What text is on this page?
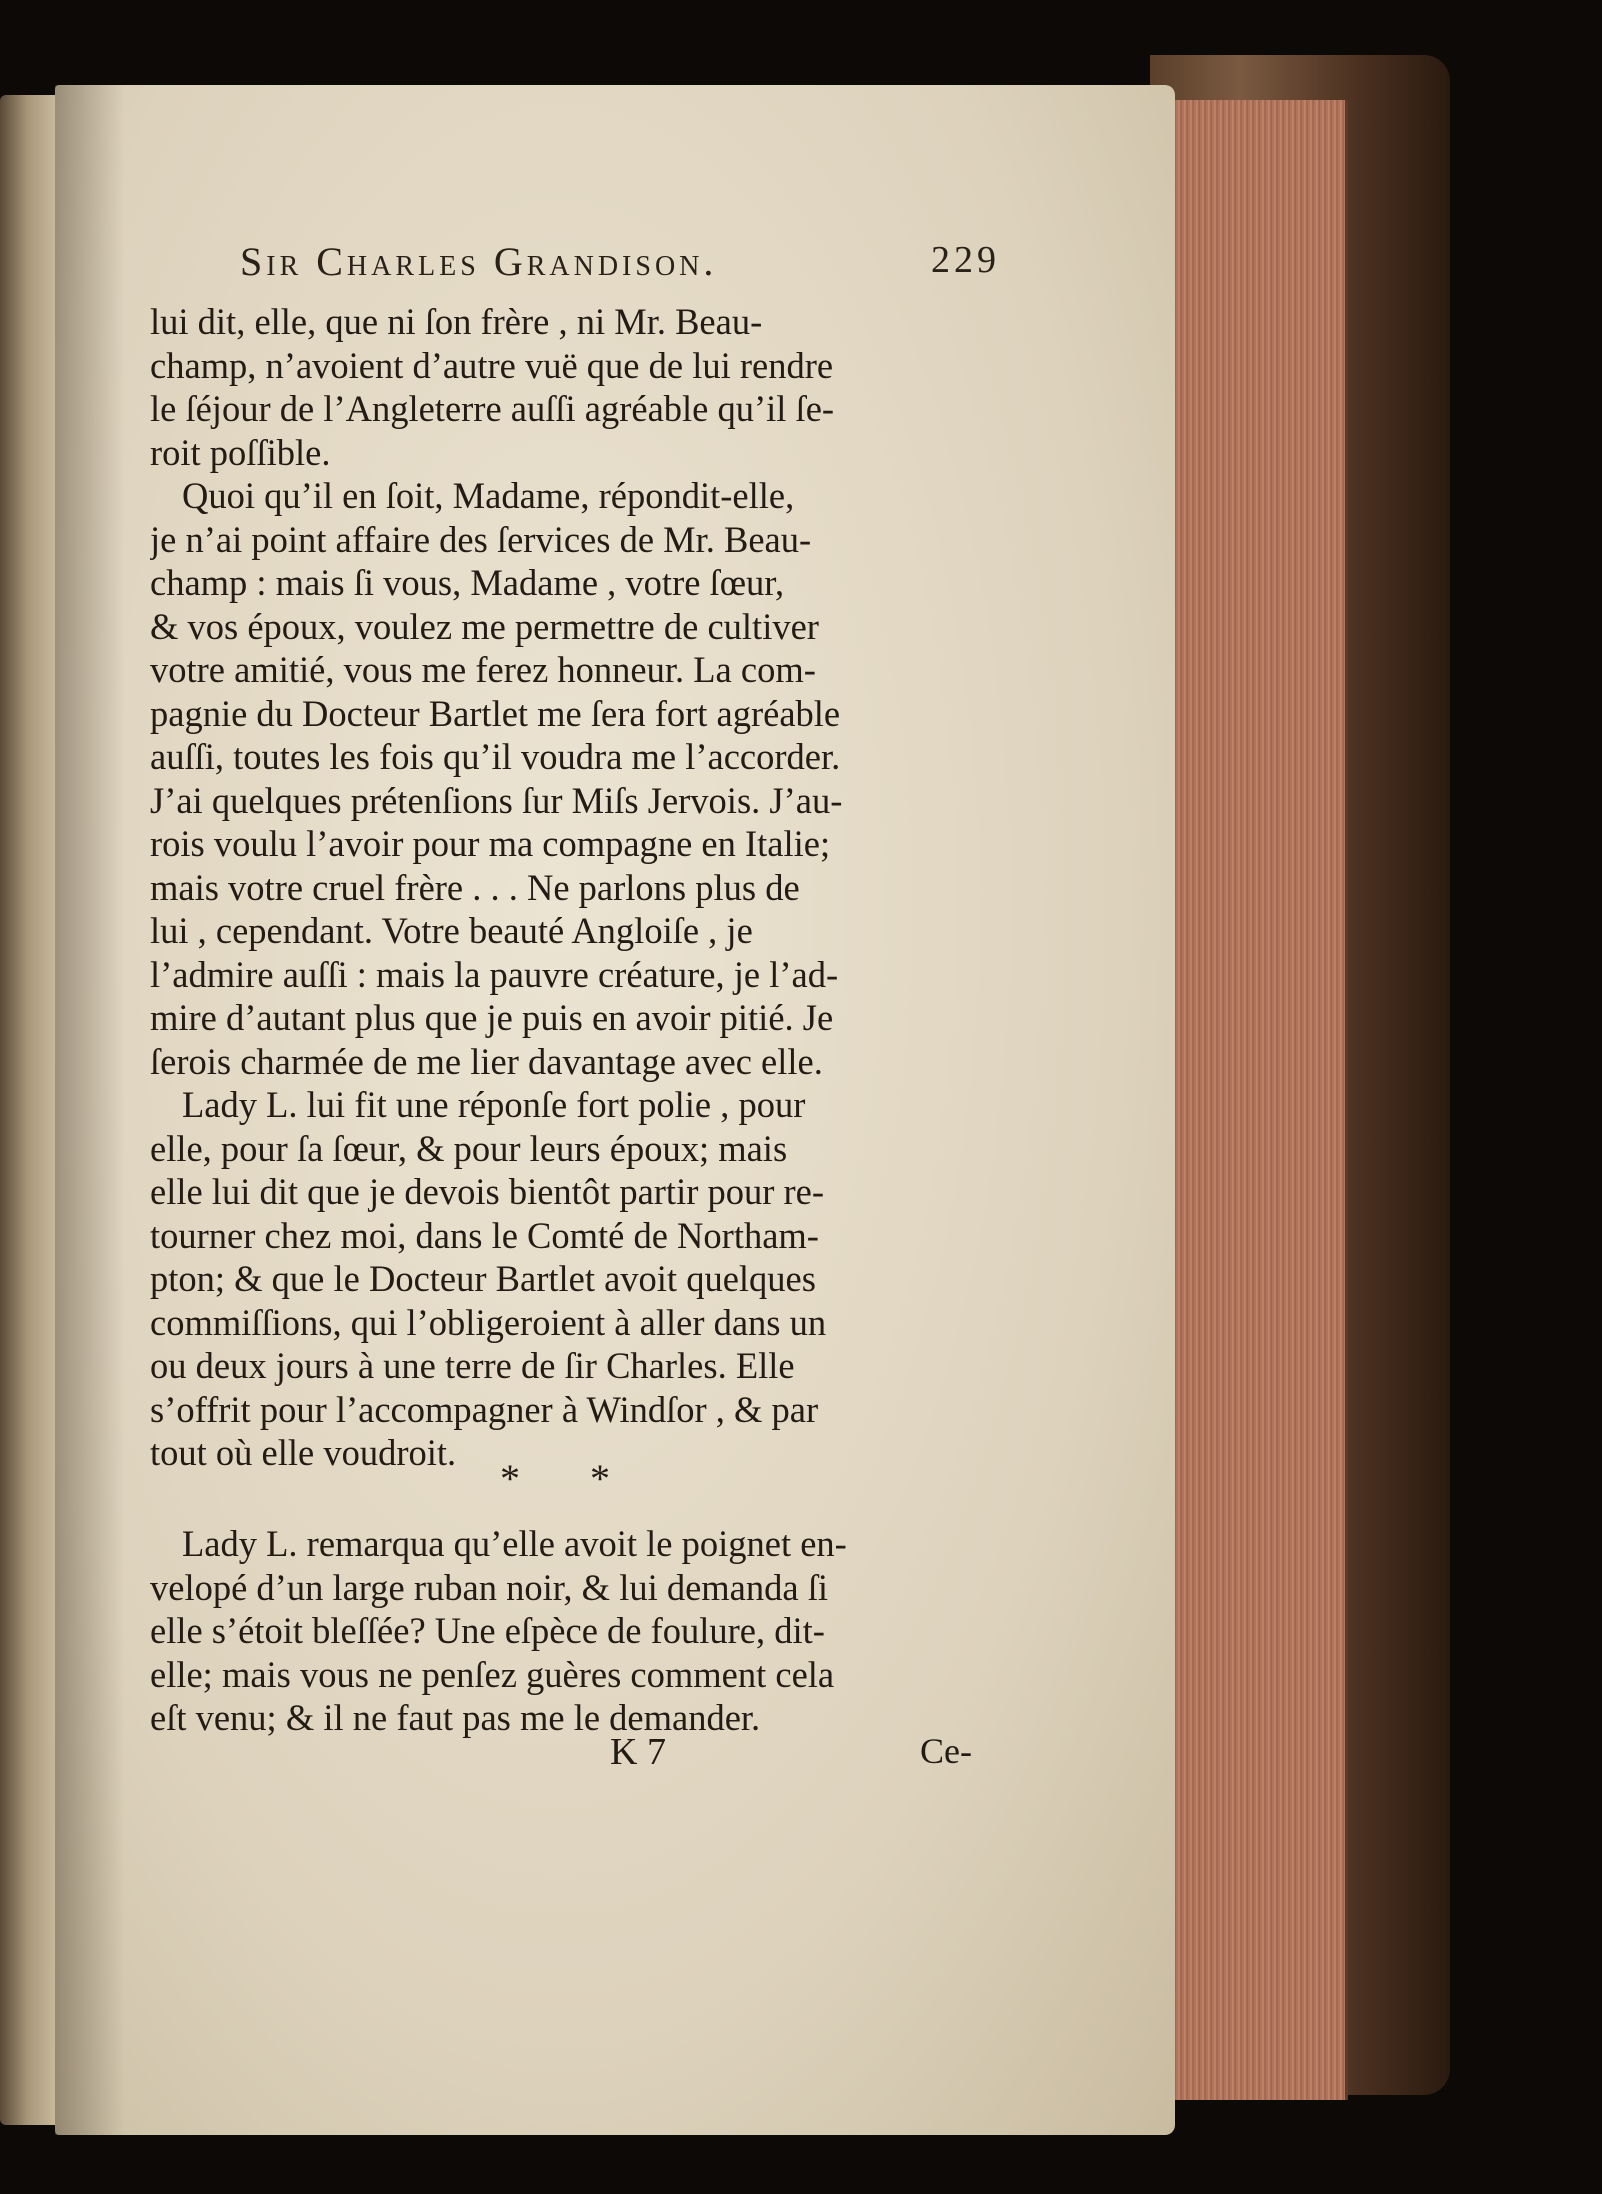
Sir Charles Grandison.	229
lui dit, elle, que ni ſon frère , ni Mr. Beau-
champ, n’avoient d’autre vuë que de lui rendre
le ſéjour de l’Angleterre auſſi agréable qu’il ſe-
roit poſſible.
Quoi qu’il en ſoit, Madame, répondit-elle,
je n’ai point affaire des ſervices de Mr. Beau-
champ : mais ſi vous, Madame , votre ſœur,
& vos époux, voulez me permettre de cultiver
votre amitié, vous me ferez honneur. La com-
pagnie du Docteur Bartlet me ſera fort agréable
auſſi, toutes les fois qu’il voudra me l’accorder.
J’ai quelques prétenſions ſur Miſs Jervois. J’au-
rois voulu l’avoir pour ma compagne en Italie;
mais votre cruel frère . . . Ne parlons plus de
lui , cependant. Votre beauté Angloiſe , je
l’admire auſſi : mais la pauvre créature, je l’ad-
mire d’autant plus que je puis en avoir pitié. Je
ſerois charmée de me lier davantage avec elle.
Lady L. lui fit une réponſe fort polie , pour
elle, pour ſa ſœur, & pour leurs époux; mais
elle lui dit que je devois bientôt partir pour re-
tourner chez moi, dans le Comté de Northam-
pton; & que le Docteur Bartlet avoit quelques
commiſſions, qui l’obligeroient à aller dans un
ou deux jours à une terre de ſir Charles. Elle
s’offrit pour l’accompagner à Windſor , & par
tout où elle voudroit.
* *
Lady L. remarqua qu’elle avoit le poignet en-
velopé d’un large ruban noir, & lui demanda ſi
elle s’étoit bleſſée? Une eſpèce de foulure, dit-
elle; mais vous ne penſez guères comment cela
eſt venu; & il ne faut pas me le demander.
K 7	Ce-
